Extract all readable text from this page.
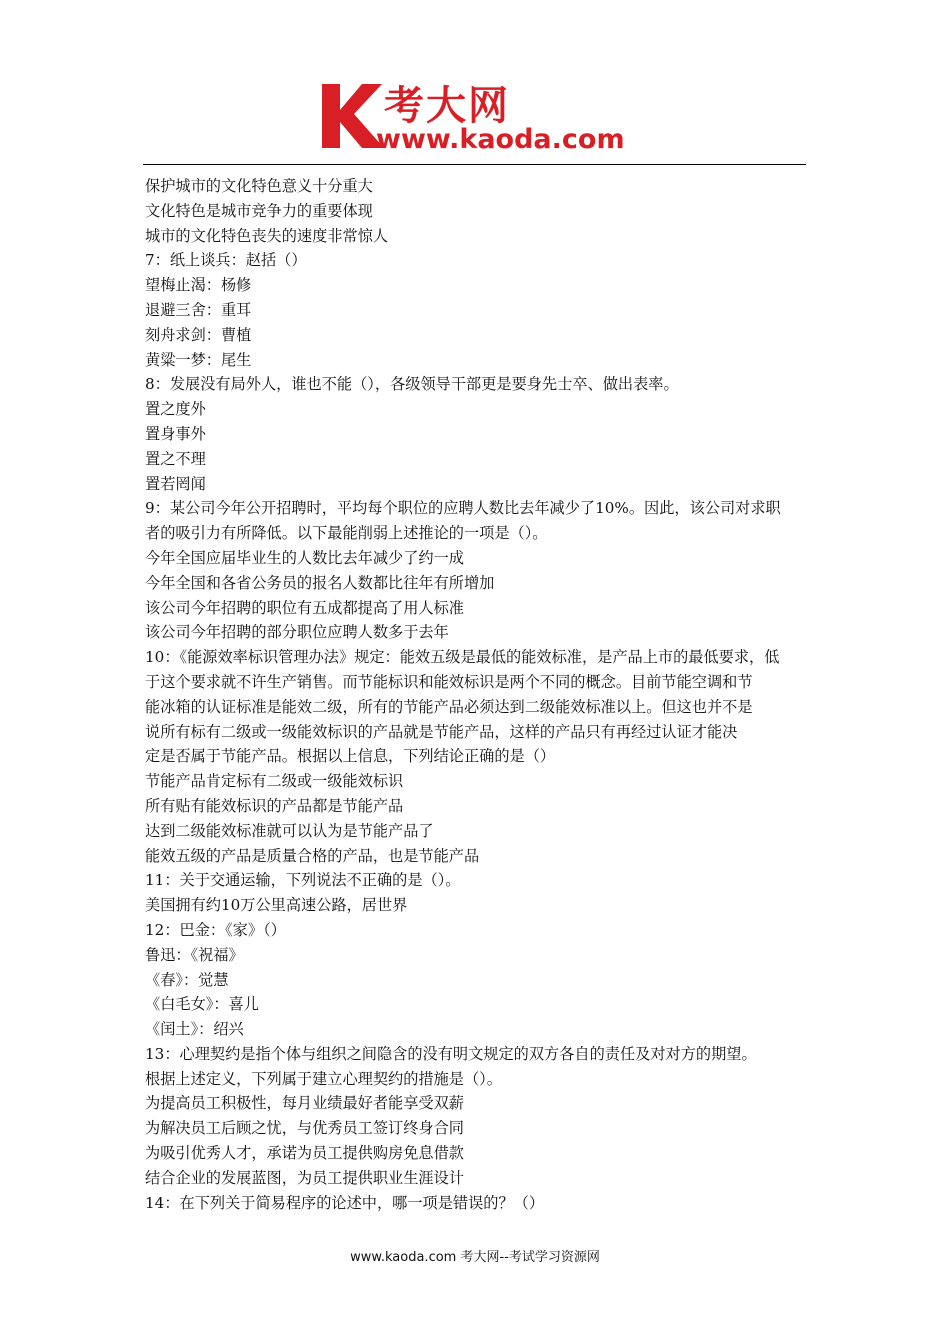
考大网
www.kaoda.com
保护城市的文化特色意义十分重大
文化特色是城市竞争力的重要体现
城市的文化特色丧失的速度非常惊人
7：纸上谈兵：赵括（）
望梅止渴：杨修
退避三舍：重耳
刻舟求剑：曹植
黄粱一梦：尾生
8：发展没有局外人，谁也不能（），各级领导干部更是要身先士卒、做出表率。
置之度外
置身事外
置之不理
置若罔闻
9：某公司今年公开招聘时，平均每个职位的应聘人数比去年减少了10%。因此，该公司对求职
者的吸引力有所降低。以下最能削弱上述推论的一项是（）。
今年全国应届毕业生的人数比去年减少了约一成
今年全国和各省公务员的报名人数都比往年有所增加
该公司今年招聘的职位有五成都提高了用人标准
该公司今年招聘的部分职位应聘人数多于去年
10：《能源效率标识管理办法》规定：能效五级是最低的能效标准，是产品上市的最低要求，低
于这个要求就不许生产销售。而节能标识和能效标识是两个不同的概念。目前节能空调和节
能冰箱的认证标准是能效二级，所有的节能产品必须达到二级能效标准以上。但这也并不是
说所有标有二级或一级能效标识的产品就是节能产品，这样的产品只有再经过认证才能决
定是否属于节能产品。根据以上信息，下列结论正确的是（）
节能产品肯定标有二级或一级能效标识
所有贴有能效标识的产品都是节能产品
达到二级能效标准就可以认为是节能产品了
能效五级的产品是质量合格的产品，也是节能产品
11：关于交通运输，下列说法不正确的是（）。
美国拥有约10万公里高速公路，居世界
12：巴金：《家》（）
鲁迅：《祝福》
《春》：觉慧
《白毛女》：喜儿
《闰土》：绍兴
13：心理契约是指个体与组织之间隐含的没有明文规定的双方各自的责任及对对方的期望。
根据上述定义，下列属于建立心理契约的措施是（）。
为提高员工积极性，每月业绩最好者能享受双薪
为解决员工后顾之忧，与优秀员工签订终身合同
为吸引优秀人才，承诺为员工提供购房免息借款
结合企业的发展蓝图，为员工提供职业生涯设计
14：在下列关于简易程序的论述中，哪一项是错误的？（）
www.kaoda.com 考大网--考试学习资源网
